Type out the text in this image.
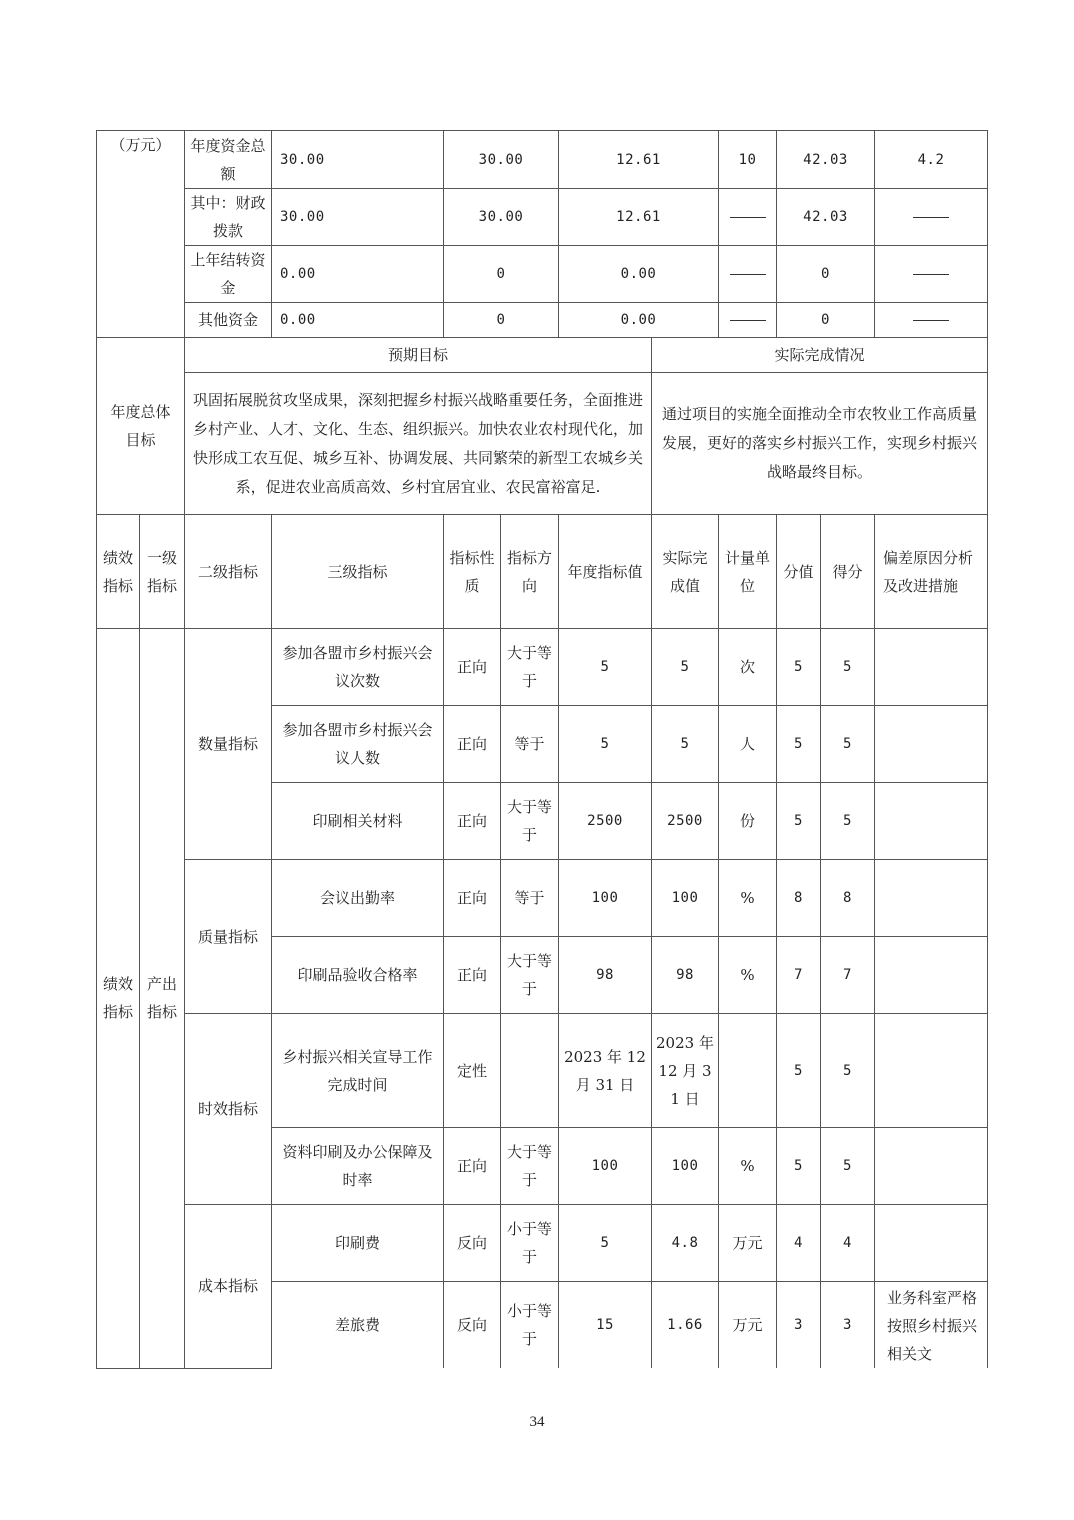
（万元）	年度资金总额	30.00	30.00	12.61	10	42.03	4.2
	其中：财政拨款	30.00	30.00	12.61		42.03	
	上年结转资金	0.00	0	0.00		0	
	其他资金	0.00	0	0.00		0	
年度总体目标	预期目标	实际完成情况
	巩固拓展脱贫攻坚成果，深刻把握乡村振兴战略重要任务，全面推进乡村产业、人才、文化、生态、组织振兴。加快农业农村现代化，加快形成工农互促、城乡互补、协调发展、共同繁荣的新型工农城乡关系，促进农业高质高效、乡村宜居宜业、农民富裕富足.	通过项目的实施全面推动全市农牧业工作高质量发展，更好的落实乡村振兴工作，实现乡村振兴战略最终目标。
绩效指标	一级指标	二级指标	三级指标	指标性质	指标方向	年度指标值	实际完成值	计量单位	分值	得分	偏差原因分析及改进措施
绩效指标	产出指标	数量指标	参加各盟市乡村振兴会议次数	正向	大于等于	5	5	次	5	5	
			参加各盟市乡村振兴会议人数	正向	等于	5	5	人	5	5	
			印刷相关材料	正向	大于等于	2500	2500	份	5	5	
		质量指标	会议出勤率	正向	等于	100	100	%	8	8	
			印刷品验收合格率	正向	大于等于	98	98	%	7	7	
		时效指标	乡村振兴相关宣导工作完成时间	定性		2023 年 12 月 31 日	2023 年 12 月 31 日		5	5	
			资料印刷及办公保障及时率	正向	大于等于	100	100	%	5	5	
		成本指标	印刷费	反向	小于等于	5	4.8	万元	4	4	
			差旅费	反向	小于等于	15	1.66	万元	3	3	业务科室严格按照乡村振兴相关文
34
